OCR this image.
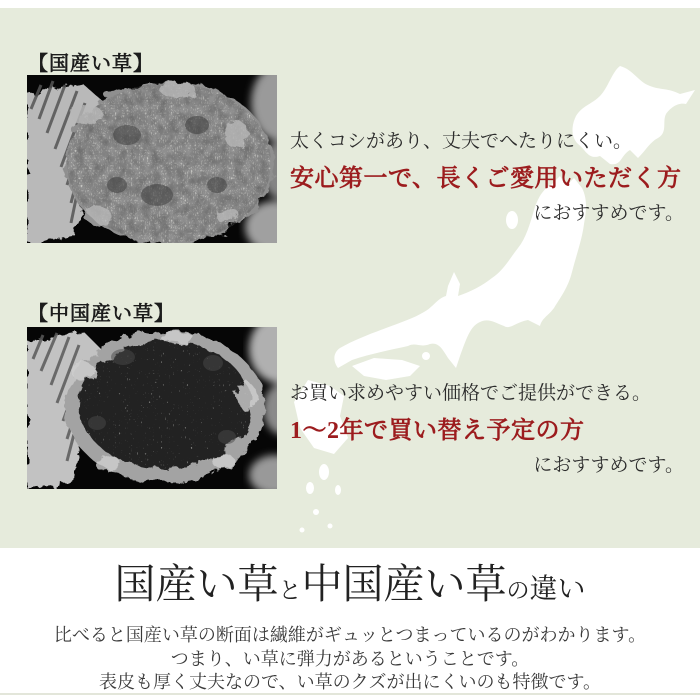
【国産い草】
太くコシがあり、丈夫でへたりにくい。
安心第一で、長くご愛用いただく方
におすすめです。
【中国産い草】
お買い求めやすい価格でご提供ができる。
1〜2年で買い替え予定の方
におすすめです。
国産い草と中国産い草の違い
比べると国産い草の断面は繊維がギュッとつまっているのがわかります。
つまり、い草に弾力があるということです。
表皮も厚く丈夫なので、い草のクズが出にくいのも特徴です。
